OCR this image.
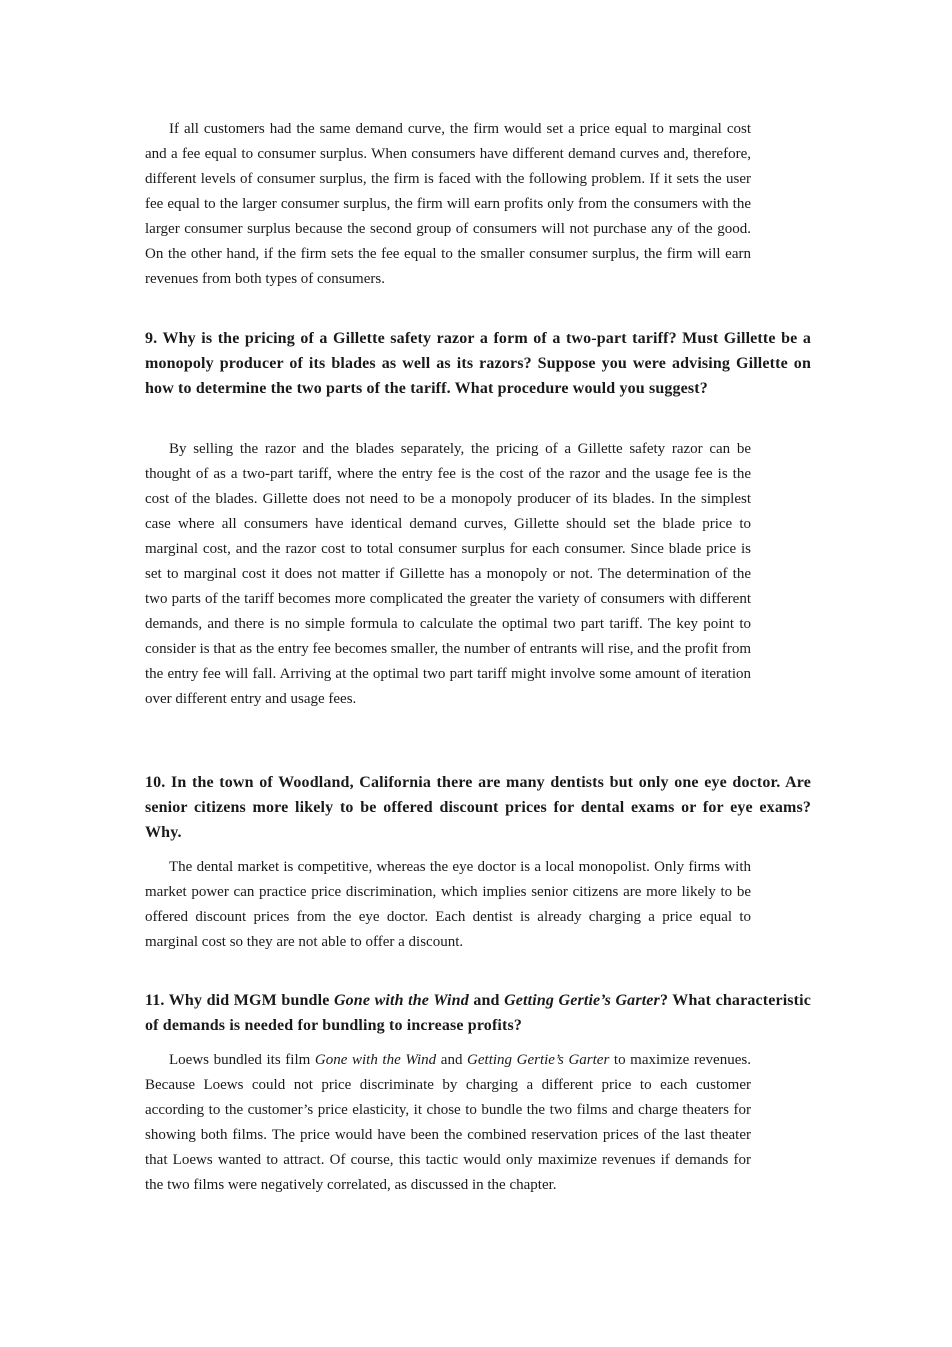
If all customers had the same demand curve, the firm would set a price equal to marginal cost and a fee equal to consumer surplus. When consumers have different demand curves and, therefore, different levels of consumer surplus, the firm is faced with the following problem. If it sets the user fee equal to the larger consumer surplus, the firm will earn profits only from the consumers with the larger consumer surplus because the second group of consumers will not purchase any of the good. On the other hand, if the firm sets the fee equal to the smaller consumer surplus, the firm will earn revenues from both types of consumers.

9. Why is the pricing of a Gillette safety razor a form of a two-part tariff? Must Gillette be a monopoly producer of its blades as well as its razors? Suppose you were advising Gillette on how to determine the two parts of the tariff. What procedure would you suggest?

By selling the razor and the blades separately, the pricing of a Gillette safety razor can be thought of as a two-part tariff, where the entry fee is the cost of the razor and the usage fee is the cost of the blades. Gillette does not need to be a monopoly producer of its blades. In the simplest case where all consumers have identical demand curves, Gillette should set the blade price to marginal cost, and the razor cost to total consumer surplus for each consumer. Since blade price is set to marginal cost it does not matter if Gillette has a monopoly or not. The determination of the two parts of the tariff becomes more complicated the greater the variety of consumers with different demands, and there is no simple formula to calculate the optimal two part tariff. The key point to consider is that as the entry fee becomes smaller, the number of entrants will rise, and the profit from the entry fee will fall. Arriving at the optimal two part tariff might involve some amount of iteration over different entry and usage fees.

10. In the town of Woodland, California there are many dentists but only one eye doctor. Are senior citizens more likely to be offered discount prices for dental exams or for eye exams? Why.

The dental market is competitive, whereas the eye doctor is a local monopolist. Only firms with market power can practice price discrimination, which implies senior citizens are more likely to be offered discount prices from the eye doctor. Each dentist is already charging a price equal to marginal cost so they are not able to offer a discount.

11. Why did MGM bundle Gone with the Wind and Getting Gertie’s Garter? What characteristic of demands is needed for bundling to increase profits?

Loews bundled its film Gone with the Wind and Getting Gertie’s Garter to maximize revenues. Because Loews could not price discriminate by charging a different price to each customer according to the customer’s price elasticity, it chose to bundle the two films and charge theaters for showing both films. The price would have been the combined reservation prices of the last theater that Loews wanted to attract. Of course, this tactic would only maximize revenues if demands for the two films were negatively correlated, as discussed in the chapter.
